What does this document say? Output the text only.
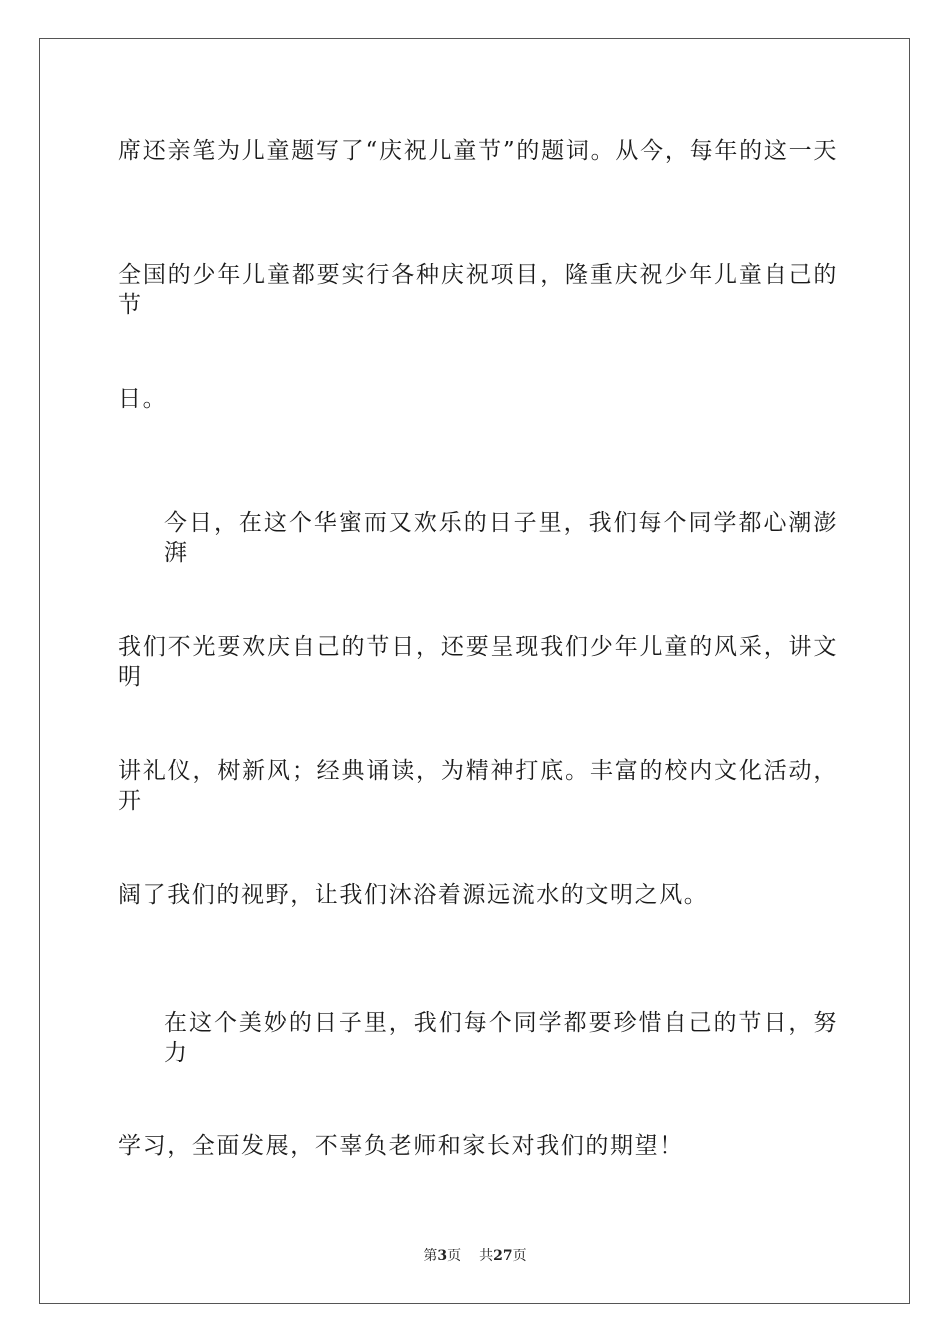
席还亲笔为儿童题写了“庆祝儿童节”的题词。从今，每年的这一天
全国的少年儿童都要实行各种庆祝项目，隆重庆祝少年儿童自己的节
日。
今日，在这个华蜜而又欢乐的日子里，我们每个同学都心潮澎湃
我们不光要欢庆自己的节日，还要呈现我们少年儿童的风采，讲文明
讲礼仪，树新风；经典诵读，为精神打底。丰富的校内文化活动，开
阔了我们的视野，让我们沐浴着源远流水的文明之风。
在这个美妙的日子里，我们每个同学都要珍惜自己的节日，努力
学习，全面发展，不辜负老师和家长对我们的期望！
第3页 共27页
